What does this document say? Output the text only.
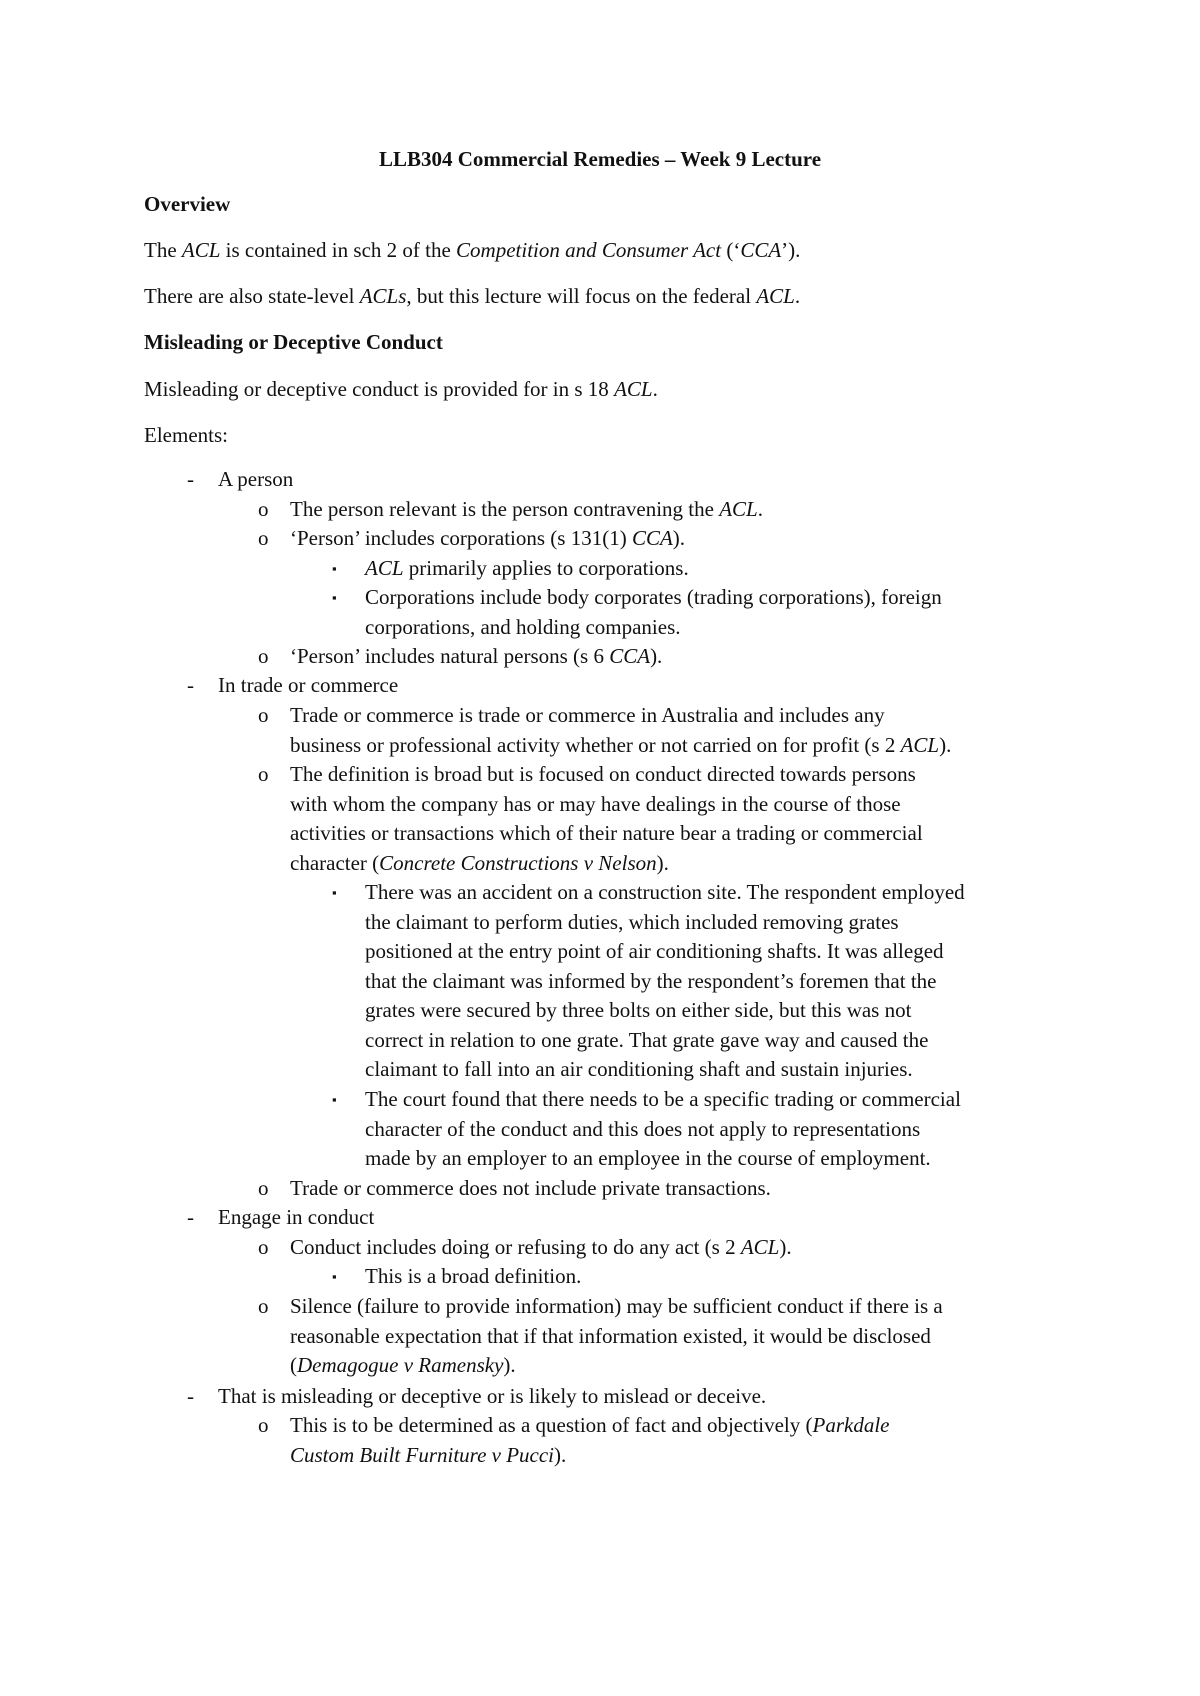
LLB304 Commercial Remedies – Week 9 Lecture
Overview
The ACL is contained in sch 2 of the Competition and Consumer Act (‘CCA’).
There are also state-level ACLs, but this lecture will focus on the federal ACL.
Misleading or Deceptive Conduct
Misleading or deceptive conduct is provided for in s 18 ACL.
Elements:
- A person
o The person relevant is the person contravening the ACL.
o ‘Person’ includes corporations (s 131(1) CCA).
▪ ACL primarily applies to corporations.
▪ Corporations include body corporates (trading corporations), foreign
corporations, and holding companies.
o ‘Person’ includes natural persons (s 6 CCA).
- In trade or commerce
o Trade or commerce is trade or commerce in Australia and includes any
business or professional activity whether or not carried on for profit (s 2 ACL).
o The definition is broad but is focused on conduct directed towards persons
with whom the company has or may have dealings in the course of those
activities or transactions which of their nature bear a trading or commercial
character (Concrete Constructions v Nelson).
▪ There was an accident on a construction site. The respondent employed
the claimant to perform duties, which included removing grates
positioned at the entry point of air conditioning shafts. It was alleged
that the claimant was informed by the respondent’s foremen that the
grates were secured by three bolts on either side, but this was not
correct in relation to one grate. That grate gave way and caused the
claimant to fall into an air conditioning shaft and sustain injuries.
▪ The court found that there needs to be a specific trading or commercial
character of the conduct and this does not apply to representations
made by an employer to an employee in the course of employment.
o Trade or commerce does not include private transactions.
- Engage in conduct
o Conduct includes doing or refusing to do any act (s 2 ACL).
▪ This is a broad definition.
o Silence (failure to provide information) may be sufficient conduct if there is a
reasonable expectation that if that information existed, it would be disclosed
(Demagogue v Ramensky).
- That is misleading or deceptive or is likely to mislead or deceive.
o This is to be determined as a question of fact and objectively (Parkdale
Custom Built Furniture v Pucci).
